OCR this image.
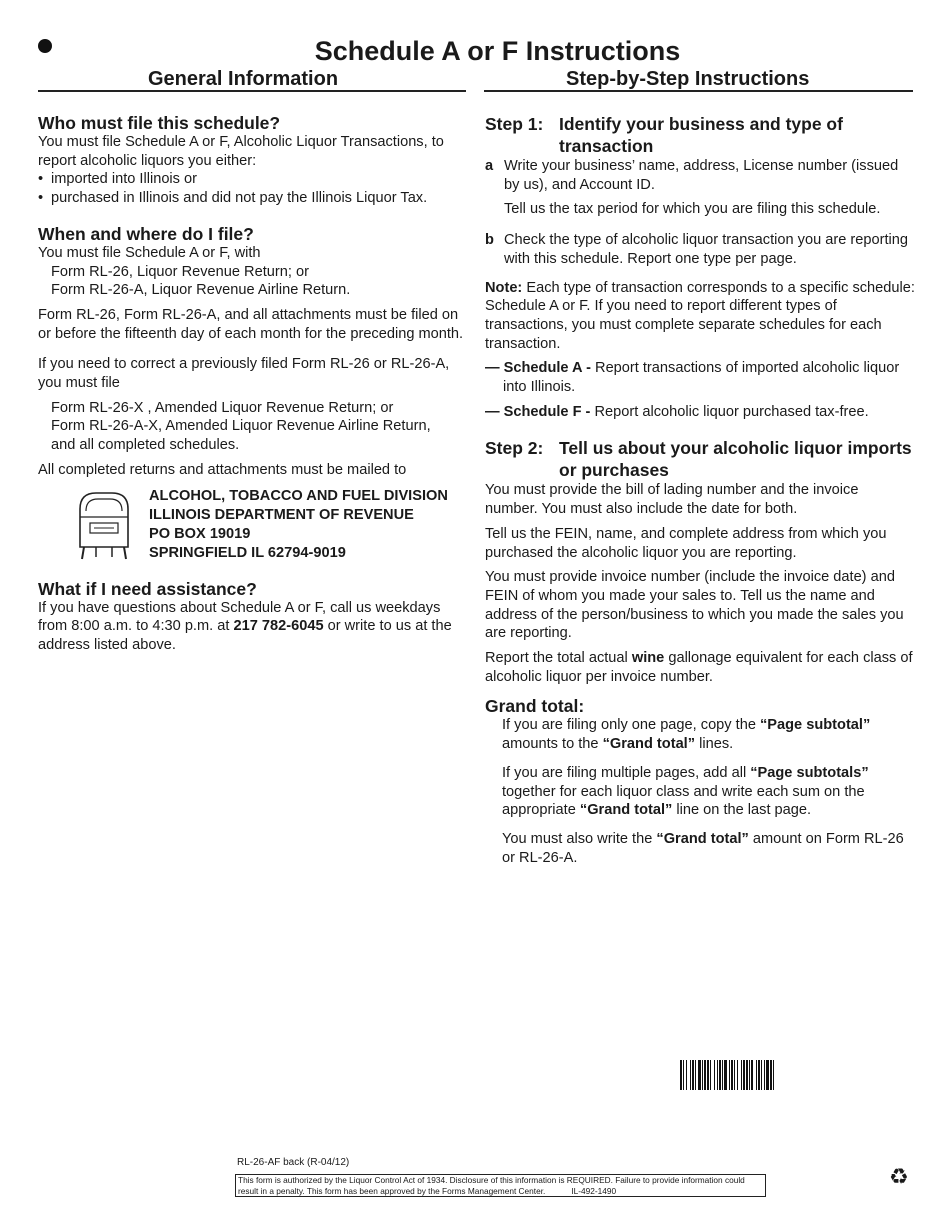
Schedule A or F Instructions
General Information	Step-by-Step Instructions
Who must file this schedule?

You must file Schedule A or F, Alcoholic Liquor Transactions, to report alcoholic liquors you either:

• imported into Illinois or
• purchased in Illinois and did not pay the Illinois Liquor Tax.
When and where do I file?

You must file Schedule A or F, with

Form RL-26, Liquor Revenue Return; or

Form RL-26-A, Liquor Revenue Airline Return.

Form RL-26, Form RL-26-A, and all attachments must be filed on or before the fifteenth day of each month for the preceding month.

If you need to correct a previously filed Form RL-26 or RL-26-A, you must file

Form RL-26-X , Amended Liquor Revenue Return; or

Form RL-26-A-X, Amended Liquor Revenue Airline Return,

and all completed schedules.

All completed returns and attachments must be mailed to

ALCOHOL, TOBACCO AND FUEL DIVISION
ILLINOIS DEPARTMENT OF REVENUE
PO BOX 19019
SPRINGFIELD IL 62794-9019
What if I need assistance?

If you have questions about Schedule A or F, call us weekdays from 8:00 a.m. to 4:30 p.m. at 217 782-6045 or write to us at the address listed above.

Step 1: Identify your business and type of transaction
a Write your business’ name, address, License number (issued by us), and Account ID.

Tell us the tax period for which you are filing this schedule.

b Check the type of alcoholic liquor transaction you are reporting with this schedule. Report one type per page.

Note: Each type of transaction corresponds to a specific schedule: Schedule A or F. If you need to report different types of transactions, you must complete separate schedules for each transaction.

— Schedule A - Report transactions of imported alcoholic liquor into Illinois.

— Schedule F - Report alcoholic liquor purchased tax-free.

Step 2: Tell us about your alcoholic liquor imports or purchases

You must provide the bill of lading number and the invoice number. You must also include the date for both.

Tell us the FEIN, name, and complete address from which you purchased the alcoholic liquor you are reporting.

You must provide invoice number (include the invoice date) and FEIN of whom you made your sales to. Tell us the name and address of the person/business to which you made the sales you are reporting.

Report the total actual wine gallonage equivalent for each class of alcoholic liquor per invoice number.

Grand total:

If you are filing only one page, copy the “Page subtotal” amounts to the “Grand total” lines.

If you are filing multiple pages, add all “Page subtotals” together for each liquor class and write each sum on the appropriate “Grand total” line on the last page.

You must also write the “Grand total” amount on Form RL-26 or RL-26-A.

RL-26-AF back (R-04/12)
This form is authorized by the Liquor Control Act of 1934. Disclosure of this information is REQUIRED. Failure to provide information could result in a penalty. This form has been approved by the Forms Management Center.	IL-492-1490
♻
